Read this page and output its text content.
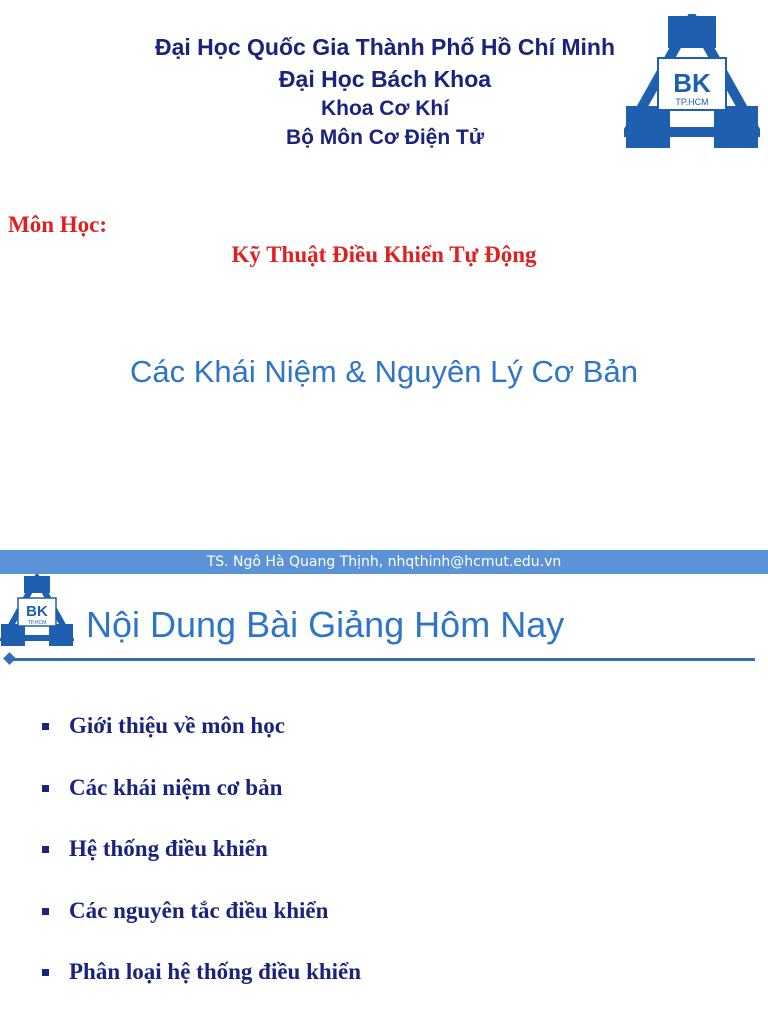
Đại Học Quốc Gia Thành Phố Hồ Chí Minh
Đại Học Bách Khoa
Khoa Cơ Khí
Bộ Môn Cơ Điện Tử
BK
TP.HCM
Môn Học:
Kỹ Thuật Điều Khiển Tự Động
Các Khái Niệm & Nguyên Lý Cơ Bản
TS. Ngô Hà Quang Thịnh, nhqthinh@hcmut.edu.vn
BK
TP.HCM Nội Dung Bài Giảng Hôm Nay
Giới thiệu về môn học
Các khái niệm cơ bản
Hệ thống điều khiển
Các nguyên tắc điều khiển
Phân loại hệ thống điều khiển
